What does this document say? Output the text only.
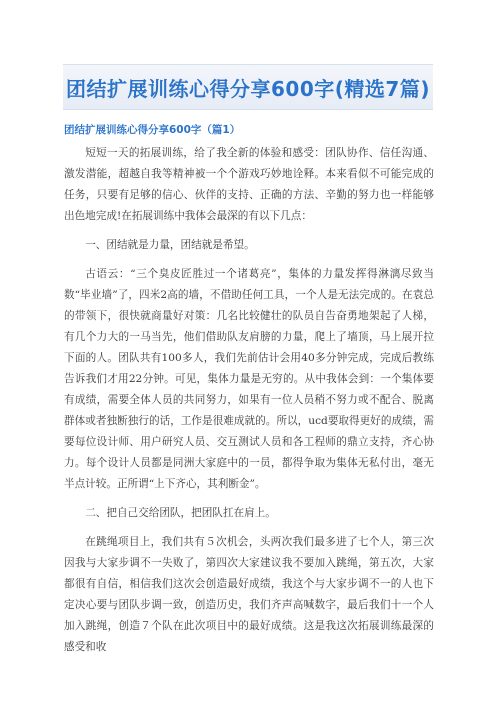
团结扩展训练心得分享600字(精选7篇)
团结扩展训练心得分享600字（篇1）

短短一天的拓展训练，给了我全新的体验和感受：团队协作、信任沟通、激发潜能，超越自我等精神被一个个游戏巧妙地诠释。本来看似不可能完成的任务，只要有足够的信心、伙伴的支持、正确的方法、辛勤的努力也一样能够出色地完成!在拓展训练中我体会最深的有以下几点：

一、团结就是力量，团结就是希望。

古语云：“三个臭皮匠胜过一个诸葛亮”，集体的力量发挥得淋漓尽致当数“毕业墙”了，四米2高的墙，不借助任何工具，一个人是无法完成的。在袁总的带领下，很快就商量好对策：几名比较健壮的队员自告奋勇地架起了人梯，有几个力大的一马当先，他们借助队友肩膀的力量，爬上了墙顶，马上展开拉下面的人。团队共有100多人，我们先前估计会用40多分钟完成，完成后教练告诉我们才用22分钟。可见，集体力量是无穷的。从中我体会到：一个集体要有成绩，需要全体人员的共同努力，如果有一位人员稍不努力或不配合、脱离群体或者独断独行的话，工作是很难成就的。所以，ucd要取得更好的成绩，需要每位设计师、用户研究人员、交互测试人员和各工程师的鼎立支持，齐心协力。每个设计人员都是同洲大家庭中的一员，都得争取为集体无私付出，毫无半点计较。正所谓“上下齐心，其利断金”。

二、把自己交给团队，把团队扛在肩上。

在跳绳项目上，我们共有５次机会，头两次我们最多进了七个人，第三次因我与大家步调不一失败了，第四次大家建议我不要加入跳绳，第五次，大家都很有自信，相信我们这次会创造最好成绩，我这个与大家步调不一的人也下定决心要与团队步调一致，创造历史，我们齐声高喊数字，最后我们十一个人加入跳绳，创造７个队在此次项目中的最好成绩。这是我这次拓展训练最深的感受和收
